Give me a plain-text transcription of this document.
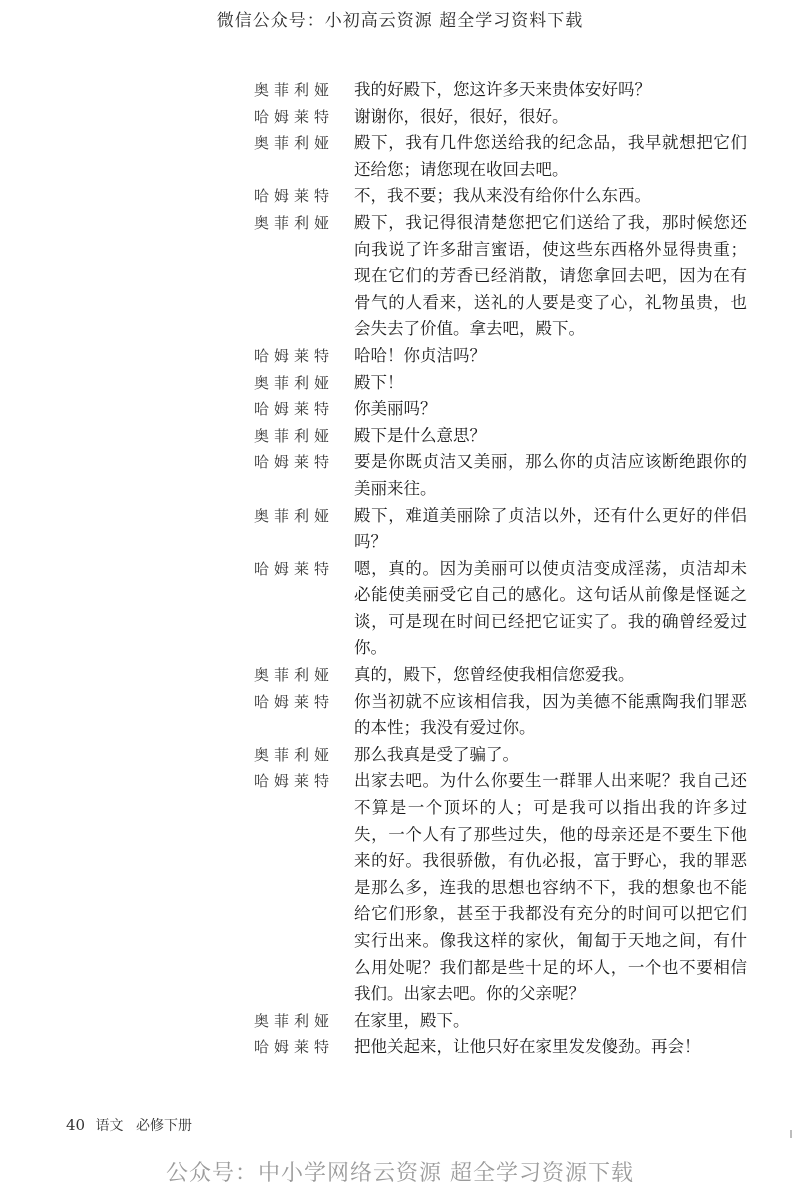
微信公众号：小初高云资源 超全学习资料下载
奥菲利娅	我的好殿下，您这许多天来贵体安好吗？
哈姆莱特	谢谢你，很好，很好，很好。
奥菲利娅	殿下，我有几件您送给我的纪念品，我早就想把它们还给您；请您现在收回去吧。
哈姆莱特	不，我不要；我从来没有给你什么东西。
奥菲利娅	殿下，我记得很清楚您把它们送给了我，那时候您还向我说了许多甜言蜜语，使这些东西格外显得贵重；现在它们的芳香已经消散，请您拿回去吧，因为在有骨气的人看来，送礼的人要是变了心，礼物虽贵，也会失去了价值。拿去吧，殿下。
哈姆莱特	哈哈！你贞洁吗？
奥菲利娅	殿下！
哈姆莱特	你美丽吗？
奥菲利娅	殿下是什么意思？
哈姆莱特	要是你既贞洁又美丽，那么你的贞洁应该断绝跟你的美丽来往。
奥菲利娅	殿下，难道美丽除了贞洁以外，还有什么更好的伴侣吗？
哈姆莱特	嗯，真的。因为美丽可以使贞洁变成淫荡，贞洁却未必能使美丽受它自己的感化。这句话从前像是怪诞之谈，可是现在时间已经把它证实了。我的确曾经爱过你。
奥菲利娅	真的，殿下，您曾经使我相信您爱我。
哈姆莱特	你当初就不应该相信我，因为美德不能熏陶我们罪恶的本性；我没有爱过你。
奥菲利娅	那么我真是受了骗了。
哈姆莱特	出家去吧。为什么你要生一群罪人出来呢？我自己还不算是一个顶坏的人；可是我可以指出我的许多过失，一个人有了那些过失，他的母亲还是不要生下他来的好。我很骄傲，有仇必报，富于野心，我的罪恶是那么多，连我的思想也容纳不下，我的想象也不能给它们形象，甚至于我都没有充分的时间可以把它们实行出来。像我这样的家伙，匍匐于天地之间，有什么用处呢？我们都是些十足的坏人，一个也不要相信我们。出家去吧。你的父亲呢？
奥菲利娅	在家里，殿下。
哈姆莱特	把他关起来，让他只好在家里发发傻劲。再会！
40 语文 必修下册
公众号：中小学网络云资源 超全学习资源下载
